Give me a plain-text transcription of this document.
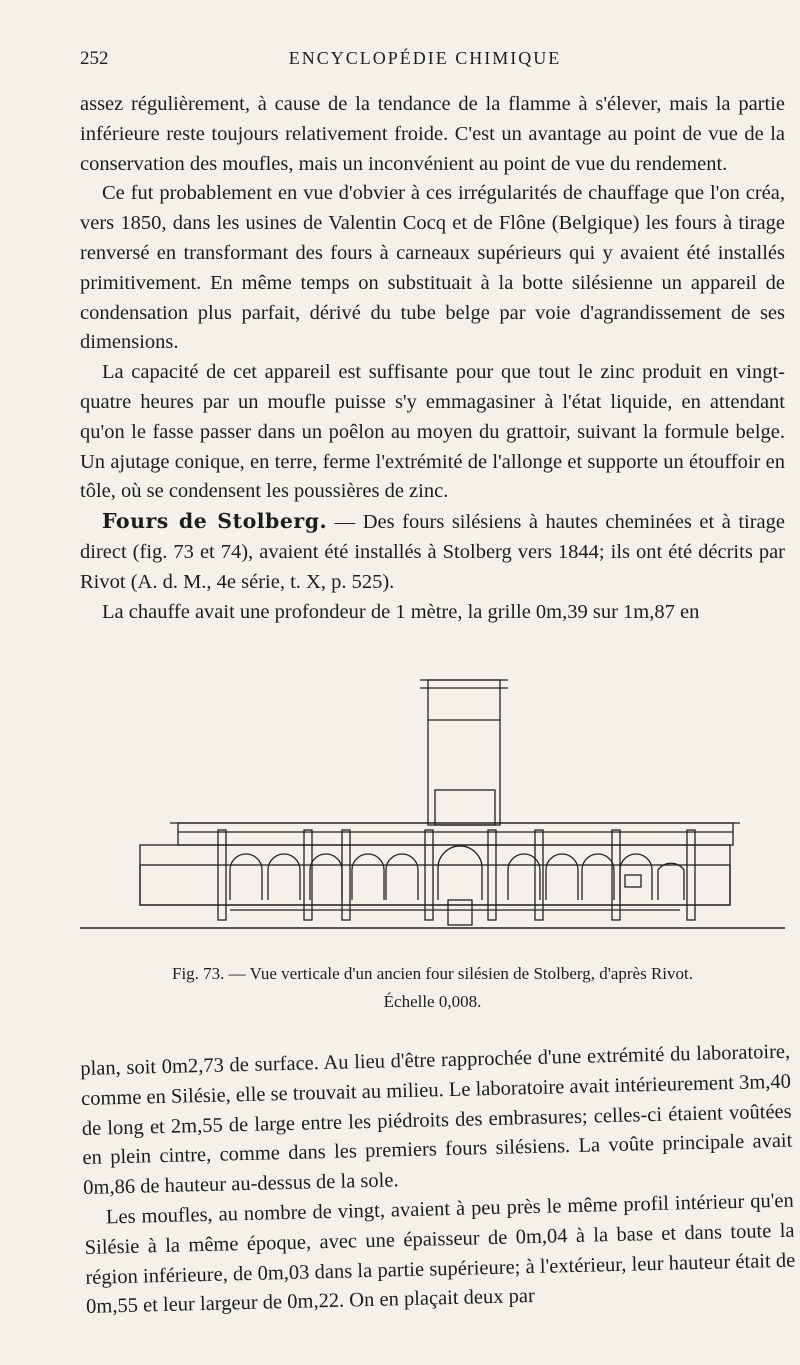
252	ENCYCLOPÉDIE CHIMIQUE

assez régulièrement, à cause de la tendance de la flamme à s'élever, mais la partie inférieure reste toujours relativement froide. C'est un avantage au point de vue de la conservation des moufles, mais un inconvénient au point de vue du rendement.

Ce fut probablement en vue d'obvier à ces irrégularités de chauffage que l'on créa, vers 1850, dans les usines de Valentin Cocq et de Flône (Belgique) les fours à tirage renversé en transformant des fours à carneaux supérieurs qui y avaient été installés primitivement. En même temps on substituait à la botte silésienne un appareil de condensation plus parfait, dérivé du tube belge par voie d'agrandissement de ses dimensions.

La capacité de cet appareil est suffisante pour que tout le zinc produit en vingt-quatre heures par un moufle puisse s'y emmagasiner à l'état liquide, en attendant qu'on le fasse passer dans un poêlon au moyen du grattoir, suivant la formule belge. Un ajutage conique, en terre, ferme l'extrémité de l'allonge et supporte un étouffoir en tôle, où se condensent les poussières de zinc.

Fours de Stolberg. — Des fours silésiens à hautes cheminées et à tirage direct (fig. 73 et 74), avaient été installés à Stolberg vers 1844; ils ont été décrits par Rivot (A. d. M., 4e série, t. X, p. 525).

La chauffe avait une profondeur de 1 mètre, la grille 0m,39 sur 1m,87 en

Fig. 73. — Vue verticale d'un ancien four silésien de Stolberg, d'après Rivot.
Échelle 0,008.

plan, soit 0m2,73 de surface. Au lieu d'être rapprochée d'une extrémité du laboratoire, comme en Silésie, elle se trouvait au milieu. Le laboratoire avait intérieurement 3m,40 de long et 2m,55 de large entre les piédroits des embrasures; celles-ci étaient voûtées en plein cintre, comme dans les premiers fours silésiens. La voûte principale avait 0m,86 de hauteur au-dessus de la sole.

Les moufles, au nombre de vingt, avaient à peu près le même profil intérieur qu'en Silésie à la même époque, avec une épaisseur de 0m,04 à la base et dans toute la région inférieure, de 0m,03 dans la partie supérieure; à l'extérieur, leur hauteur était de 0m,55 et leur largeur de 0m,22. On en plaçait deux par
